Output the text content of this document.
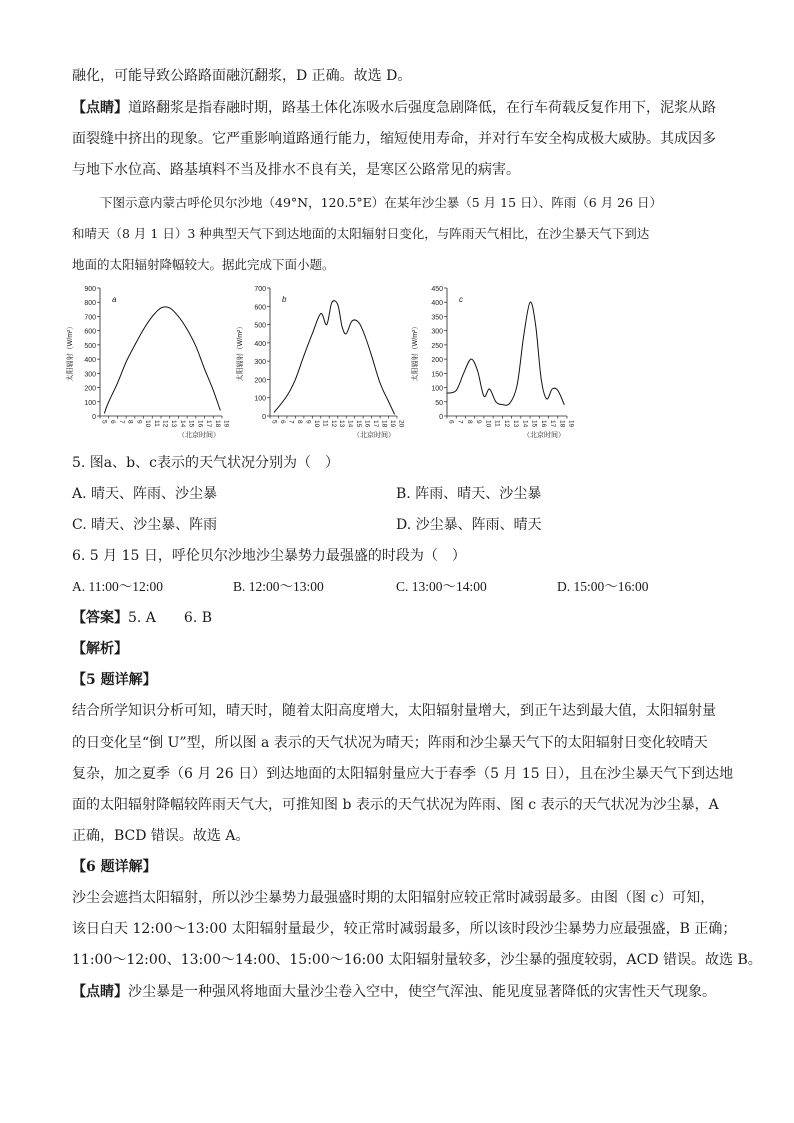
融化，可能导致公路路面融沉翻浆，D 正确。故选 D。
【点睛】道路翻浆是指春融时期，路基土体化冻吸水后强度急剧降低，在行车荷载反复作用下，泥浆从路
面裂缝中挤出的现象。它严重影响道路通行能力，缩短使用寿命，并对行车安全构成极大威胁。其成因多
与地下水位高、路基填料不当及排水不良有关，是寒区公路常见的病害。
下图示意内蒙古呼伦贝尔沙地（49°N，120.5°E）在某年沙尘暴（5 月 15 日）、阵雨（6 月 26 日）
和晴天（8 月 1 日）3 种典型天气下到达地面的太阳辐射日变化，与阵雨天气相比，在沙尘暴天气下到达
地面的太阳辐射降幅较大。据此完成下面小题。
0
100
200
300
400
500
600
700
800
900
5 6 7 8 9 10 11 12 13 14 15 16 17 18 19
a
太阳辐射（W/m²）
（北京时间）
0
100
200
300
400
500
600
700
5 6 7 8 9 10 11 12 13 14 15 16 17 18 19 20
b
太阳辐射（W/m²）
（北京时间）
0
50
100
150
200
250
300
350
400
450
6 7 8 9 10 11 12 13 14 15 16 17 18 19
c
太阳辐射（W/m²）
（北京时间）
5. 图a、b、c表示的天气状况分别为（　）
A. 晴天、阵雨、沙尘暴	B. 阵雨、晴天、沙尘暴
C. 晴天、沙尘暴、阵雨	D. 沙尘暴、阵雨、晴天
6. 5 月 15 日，呼伦贝尔沙地沙尘暴势力最强盛的时段为（　）
A. 11:00～12:00	B. 12:00～13:00	C. 13:00～14:00	D. 15:00～16:00
【答案】5. A　　6. B
【解析】
【5 题详解】
结合所学知识分析可知，晴天时，随着太阳高度增大，太阳辐射量增大，到正午达到最大值，太阳辐射量
的日变化呈“倒 U”型，所以图 a 表示的天气状况为晴天；阵雨和沙尘暴天气下的太阳辐射日变化较晴天
复杂，加之夏季（6 月 26 日）到达地面的太阳辐射量应大于春季（5 月 15 日），且在沙尘暴天气下到达地
面的太阳辐射降幅较阵雨天气大，可推知图 b 表示的天气状况为阵雨、图 c 表示的天气状况为沙尘暴，A
正确，BCD 错误。故选 A。
【6 题详解】
沙尘会遮挡太阳辐射，所以沙尘暴势力最强盛时期的太阳辐射应较正常时减弱最多。由图（图 c）可知，
该日白天 12:00～13:00 太阳辐射量最少，较正常时减弱最多，所以该时段沙尘暴势力应最强盛，B 正确；
11:00～12:00、13:00～14:00、15:00～16:00 太阳辐射量较多，沙尘暴的强度较弱，ACD 错误。故选 B。
【点睛】沙尘暴是一种强风将地面大量沙尘卷入空中，使空气浑浊、能见度显著降低的灾害性天气现象。
